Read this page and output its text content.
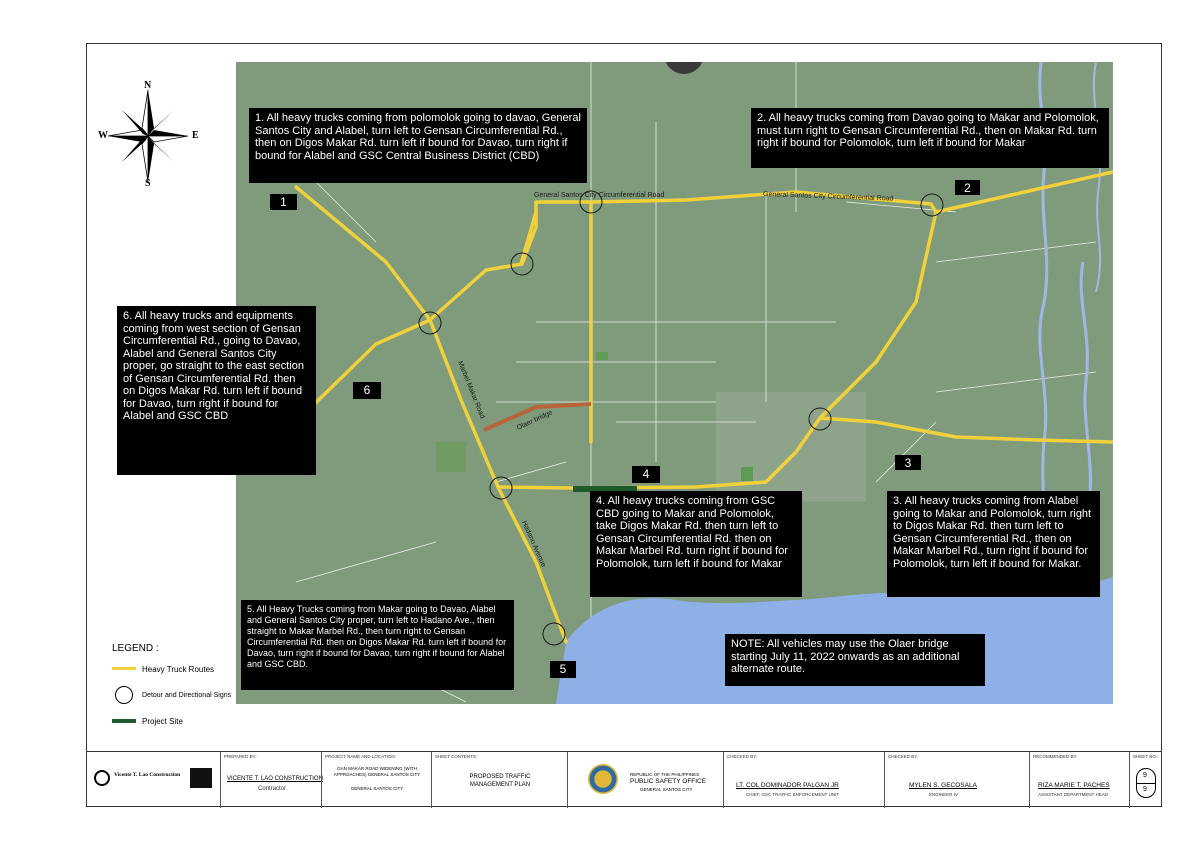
N
E
S
W
General Santos City Circumferential Road	General Santos City Circumferential Road
Marbel Makar Road
Olaer bridge
Hadano Avenue
1. All heavy trucks coming from polomolok going to davao, General Santos City and Alabel, turn left to Gensan Circumferential Rd., then on Digos Makar Rd. turn left if bound for Davao, turn right if bound for Alabel and GSC Central Business District (CBD)
2. All heavy trucks coming from Davao going to Makar and Polomolok, must turn right to Gensan Circumferential Rd., then on Makar Rd. turn right if bound for Polomolok, turn left if bound for Makar
3. All heavy trucks coming from Alabel going to Makar and Polomolok, turn right to Digos Makar Rd. then turn left to Gensan Circumferential Rd., then on Makar Marbel Rd., turn right if bound for Polomolok, turn left if bound for Makar.
4. All heavy trucks coming from GSC CBD going to Makar and Polomolok, take Digos Makar Rd. then turn left to Gensan Circumferential Rd. then on Makar Marbel Rd. turn right if bound for Polomolok, turn left if bound for Makar
5. All Heavy Trucks coming from Makar going to Davao, Alabel and General Santos City proper, turn left to Hadano Ave., then straight to Makar Marbel Rd., then turn right to Gensan Circumferential Rd. then on Digos Makar Rd. turn left if bound for Davao, turn right if bound for Davao, turn right if bound for Alabel and GSC CBD.
6. All heavy trucks and equipments coming from west section of Gensan Circumferential Rd., going to Davao, Alabel and General Santos City proper, go straight to the east section of Gensan Circumferential Rd. then on Digos Makar Rd. turn left if bound for Davao, turn right if bound for Alabel and GSC CBD
NOTE: All vehicles may use the Olaer bridge starting July 11, 2022 onwards as an additional alternate route.
1
2
3
4
5
6
LEGEND :
Heavy Truck Routes
Detour and Directional Signs
Project Site
Vicente T. Lao Construction
PREPARED BY:
VICENTE T. LAO CONSTRUCTION
Contractor
PROJECT NAME AND LOCATION:
GAN MAKAR ROAD WIDENING (WITH APPROACHES) GENERAL SANTOS CITY
GENERAL SANTOS CITY
SHEET CONTENTS:
PROPOSED TRAFFIC MANAGEMENT PLAN
REPUBLIC OF THE PHILIPPINES
PUBLIC SAFETY OFFICE
GENERAL SANTOS CITY
CHECKED BY:
LT. COL DOMINADOR PALGAN JR
CHIEF, GSC TRAFFIC ENFORCEMENT UNIT
CHECKED BY:
MYLEN S. GECOSALA
ENGINEER IV
RECOMMENDED BY:
RIZA MARIE T. PACHES
ASSISTANT DEPARTMENT HEAD
SHEET NO.:
9
9
